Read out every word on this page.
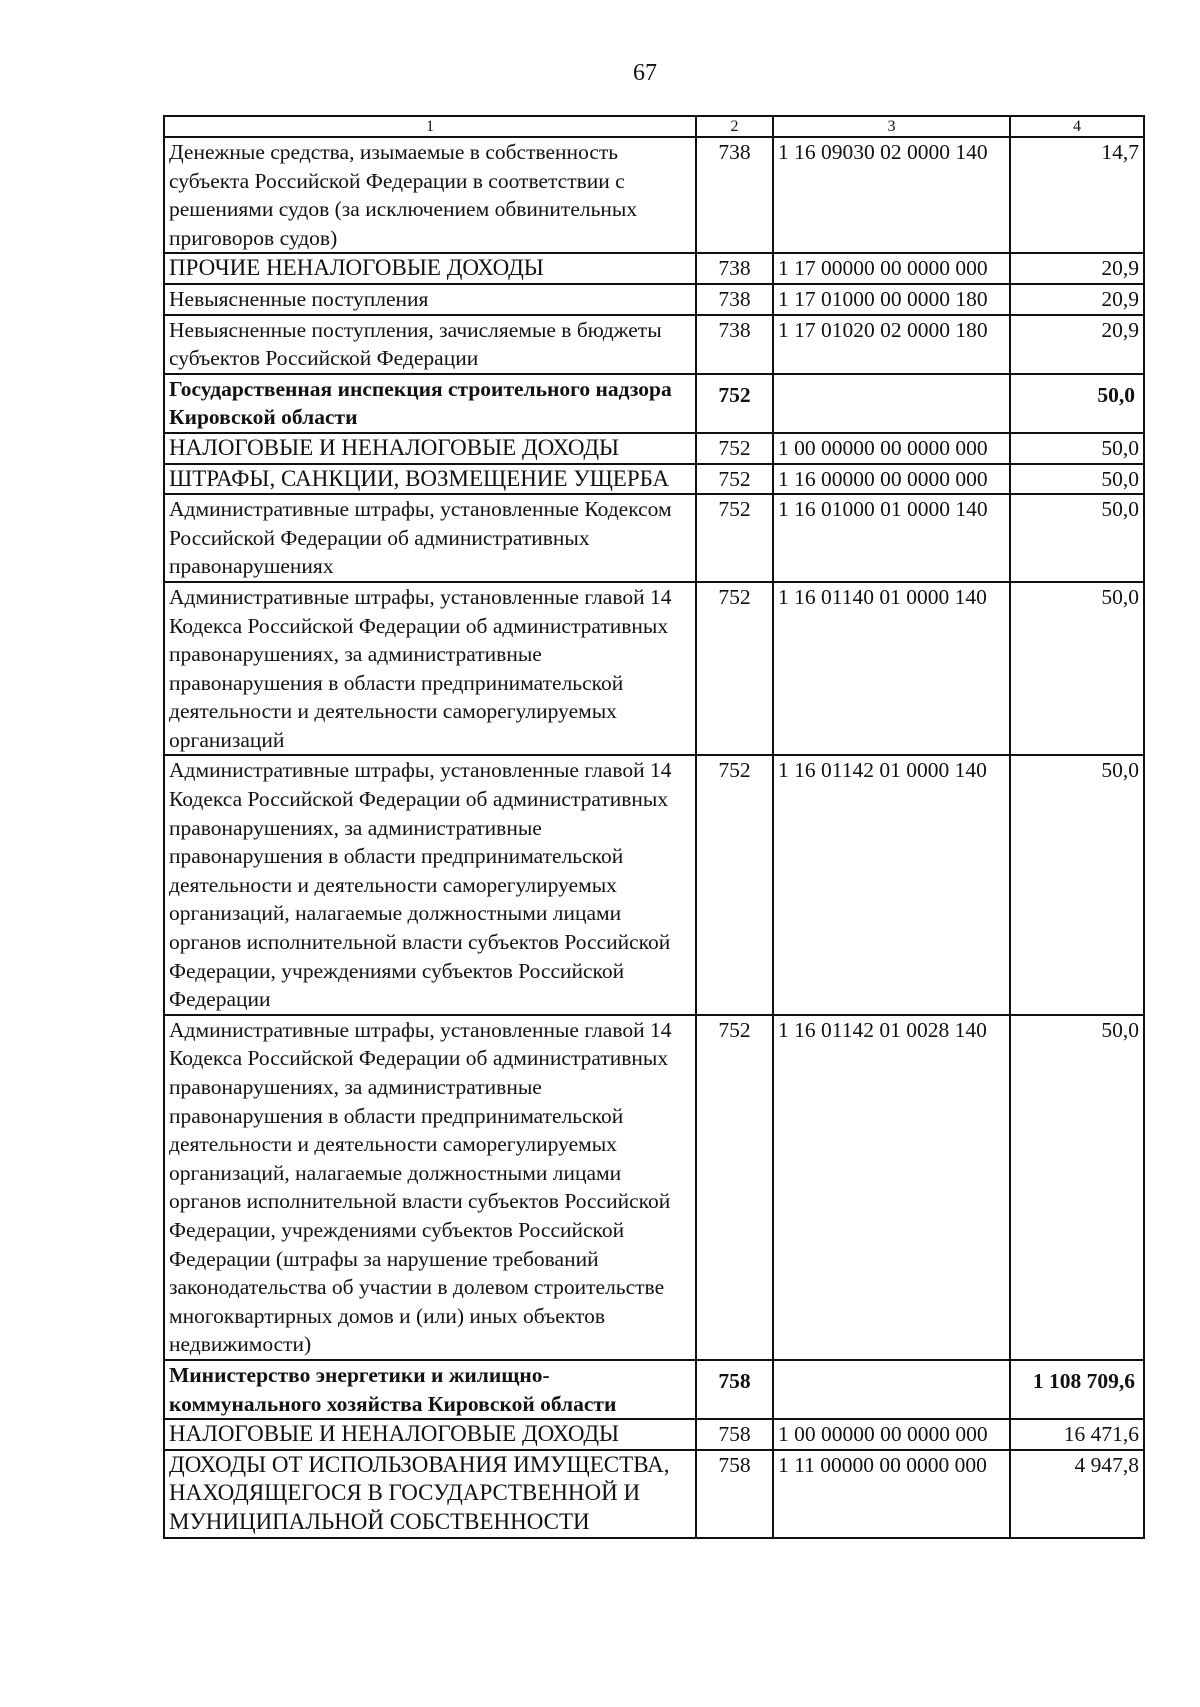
67
1	2	3	4
Денежные средства, изымаемые в собственность субъекта Российской Федерации в соответствии с решениями судов (за исключением обвинительных приговоров судов)	738	1 16 09030 02 0000 140	14,7
ПРОЧИЕ НЕНАЛОГОВЫЕ ДОХОДЫ	738	1 17 00000 00 0000 000	20,9
Невыясненные поступления	738	1 17 01000 00 0000 180	20,9
Невыясненные поступления, зачисляемые в бюджеты субъектов Российской Федерации	738	1 17 01020 02 0000 180	20,9
Государственная инспекция строительного надзора Кировской области	752		50,0
НАЛОГОВЫЕ И НЕНАЛОГОВЫЕ ДОХОДЫ	752	1 00 00000 00 0000 000	50,0
ШТРАФЫ, САНКЦИИ, ВОЗМЕЩЕНИЕ УЩЕРБА	752	1 16 00000 00 0000 000	50,0
Административные штрафы, установленные Кодексом Российской Федерации об административных правонарушениях	752	1 16 01000 01 0000 140	50,0
Административные штрафы, установленные главой 14 Кодекса Российской Федерации об административных правонарушениях, за административные правонарушения в области предпринимательской деятельности и деятельности саморегулируемых организаций	752	1 16 01140 01 0000 140	50,0
Административные штрафы, установленные главой 14 Кодекса Российской Федерации об административных правонарушениях, за административные правонарушения в области предпринимательской деятельности и деятельности саморегулируемых организаций, налагаемые должностными лицами органов исполнительной власти субъектов Российской Федерации, учреждениями субъектов Российской Федерации	752	1 16 01142 01 0000 140	50,0
Административные штрафы, установленные главой 14 Кодекса Российской Федерации об административных правонарушениях, за административные правонарушения в области предпринимательской деятельности и деятельности саморегулируемых организаций, налагаемые должностными лицами органов исполнительной власти субъектов Российской Федерации, учреждениями субъектов Российской Федерации (штрафы за нарушение требований законодательства об участии в долевом строительстве многоквартирных домов и (или) иных объектов недвижимости)	752	1 16 01142 01 0028 140	50,0
Министерство энергетики и жилищно-коммунального хозяйства Кировской области	758		1 108 709,6
НАЛОГОВЫЕ И НЕНАЛОГОВЫЕ ДОХОДЫ	758	1 00 00000 00 0000 000	16 471,6
ДОХОДЫ ОТ ИСПОЛЬЗОВАНИЯ ИМУЩЕСТВА, НАХОДЯЩЕГОСЯ В ГОСУДАРСТВЕННОЙ И МУНИЦИПАЛЬНОЙ СОБСТВЕННОСТИ	758	1 11 00000 00 0000 000	4 947,8
